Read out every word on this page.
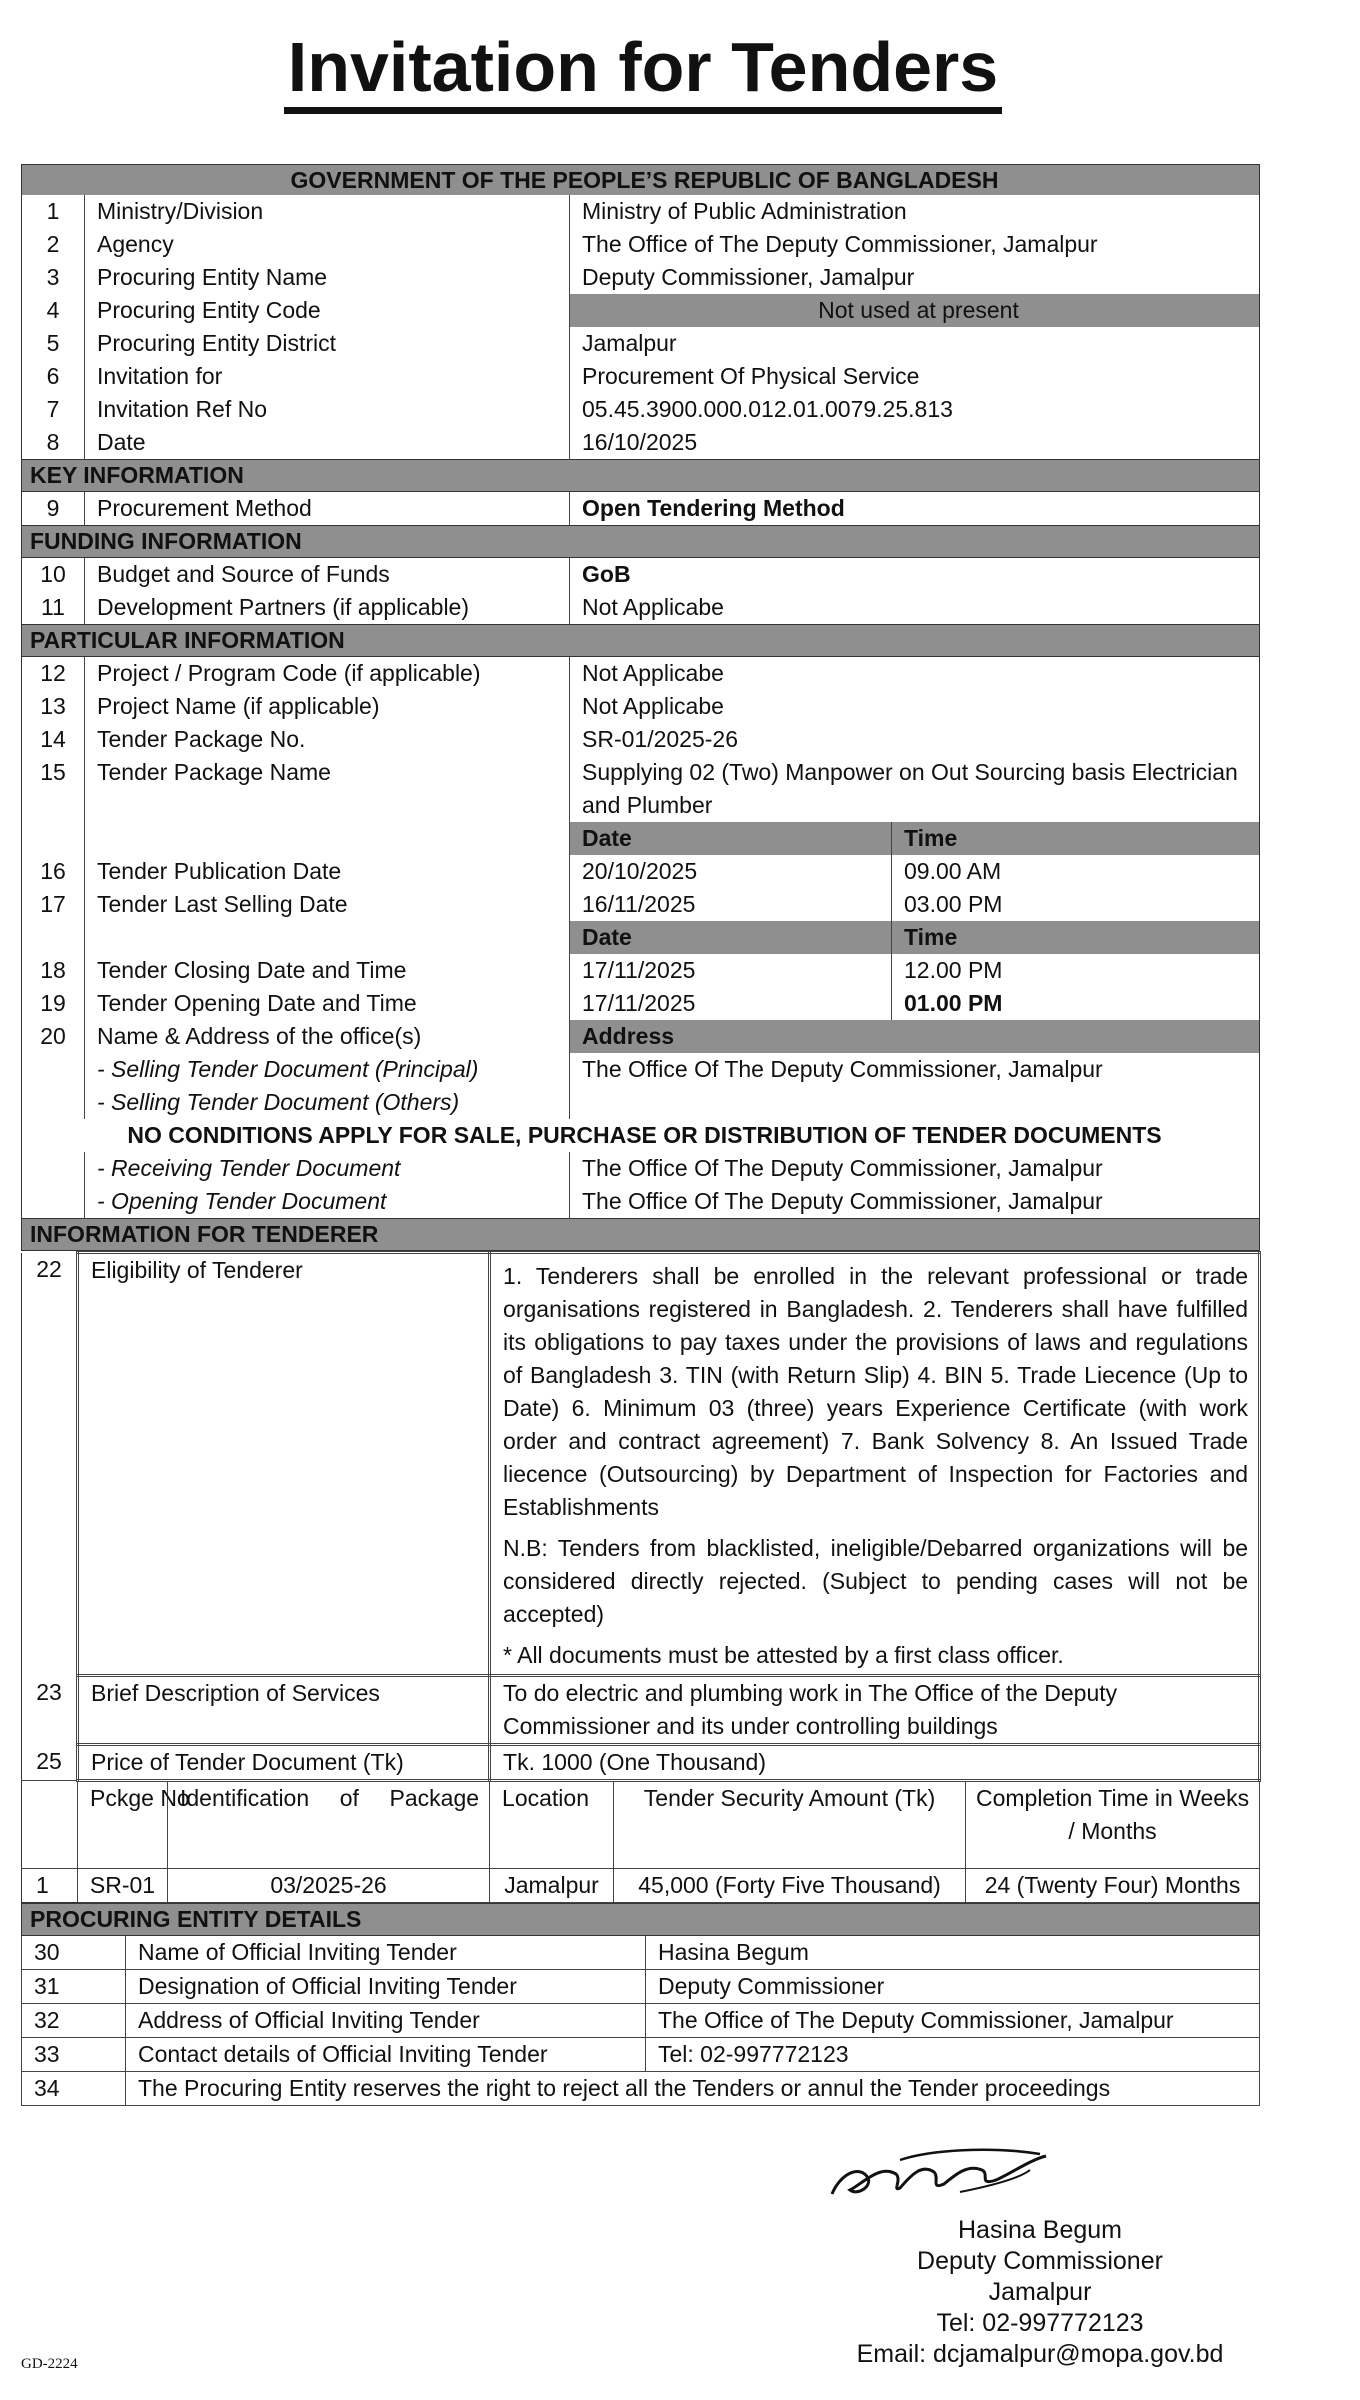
Invitation for Tenders
GOVERNMENT OF THE PEOPLE’S REPUBLIC OF BANGLADESH			
1	Ministry/Division	Ministry of Public Administration	
2	Agency	The Office of The Deputy Commissioner, Jamalpur	
3	Procuring Entity Name	Deputy Commissioner, Jamalpur	
4	Procuring Entity Code	Not used at present	
5	Procuring Entity District	Jamalpur	
6	Invitation for	Procurement Of Physical Service	
7	Invitation Ref No	05.45.3900.000.012.01.0079.25.813	
8	Date	16/10/2025	
KEY INFORMATION			
9	Procurement Method	Open Tendering Method	
FUNDING INFORMATION			
10	Budget and Source of Funds	GoB	
11	Development Partners (if applicable)	Not Applicabe	
PARTICULAR INFORMATION			
12	Project / Program Code (if applicable)	Not Applicabe	
13	Project Name (if applicable)	Not Applicabe	
14	Tender Package No.	SR-01/2025-26	
15	Tender Package Name	Supplying 02 (Two) Manpower on Out Sourcing basis Electrician and Plumber	
		Date	Time
16	Tender Publication Date	20/10/2025	09.00 AM
17	Tender Last Selling Date	16/11/2025	03.00 PM
		Date	Time
18	Tender Closing Date and Time	17/11/2025	12.00 PM
19	Tender Opening Date and Time	17/11/2025	01.00 PM
20	Name & Address of the office(s)	Address	
	- Selling Tender Document (Principal)	The Office Of The Deputy Commissioner, Jamalpur	
	- Selling Tender Document (Others)		
NO CONDITIONS APPLY FOR SALE, PURCHASE OR DISTRIBUTION OF TENDER DOCUMENTS			
	- Receiving Tender Document	The Office Of The Deputy Commissioner, Jamalpur	
	- Opening Tender Document	The Office Of The Deputy Commissioner, Jamalpur	
INFORMATION FOR TENDERER			
22	Eligibility of Tenderer		1. Tenderers shall be enrolled in the relevant professional or trade organisations registered in Bangladesh. 2. Tenderers shall have fulfilled its obligations to pay taxes under the provisions of laws and regulations of Bangladesh 3. TIN (with Return Slip) 4. BIN 5. Trade Liecence (Up to Date) 6. Minimum 03 (three) years Experience Certificate (with work order and contract agreement) 7. Bank Solvency 8. An Issued Trade liecence (Outsourcing) by Department of Inspection for Factories and Establishments
N.B: Tenders from blacklisted, ineligible/Debarred organizations will be considered directly rejected. (Subject to pending cases will not be accepted)
* All documents must be attested by a first class officer.		

23	Brief Description of Services		To do electric and plumbing work in The Office of the Deputy Commissioner and its under controlling buildings		
25	Price of Tender Document (Tk)		Tk. 1000 (One Thousand)		
	Pckge No	Identification of Package	Location	Tender Security Amount (Tk)	Completion Time in Weeks / Months
1	SR-01	03/2025-26	Jamalpur	45,000 (Forty Five Thousand)	24 (Twenty Four) Months
PROCURING ENTITY DETAILS		
30	Name of Official Inviting Tender	Hasina Begum
31	Designation of Official Inviting Tender	Deputy Commissioner
32	Address of Official Inviting Tender	The Office of The Deputy Commissioner, Jamalpur
33	Contact details of Official Inviting Tender	Tel: 02-997772123
34	The Procuring Entity reserves the right to reject all the Tenders or annul the Tender proceedings	
Hasina Begum
Deputy Commissioner
Jamalpur
Tel: 02-997772123
Email: dcjamalpur@mopa.gov.bd
GD-2224
